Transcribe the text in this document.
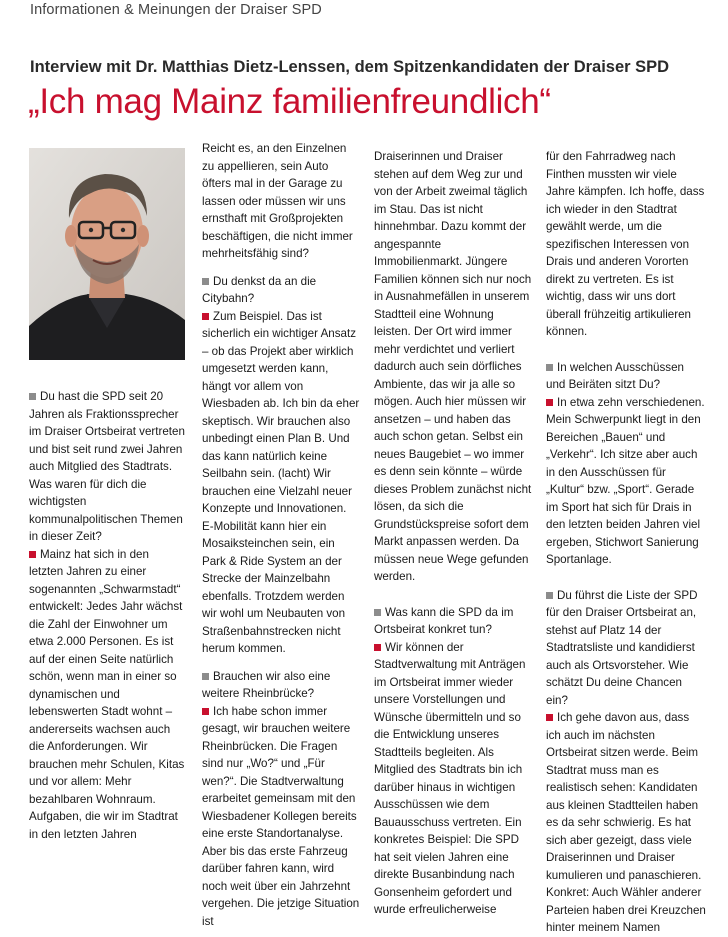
Informationen & Meinungen der Draiser SPD
Interview mit Dr. Matthias Dietz-Lenssen, dem Spitzenkandidaten der Draiser SPD
„Ich mag Mainz familienfreundlich“

Du hast die SPD seit 20 Jahren als Fraktionssprecher im Draiser Ortsbeirat vertreten und bist seit rund zwei Jahren auch Mitglied des Stadtrats. Was waren für dich die wichtigsten kommunalpolitischen Themen in dieser Zeit?

Mainz hat sich in den letzten Jahren zu einer sogenannten „Schwarmstadt“ entwickelt: Jedes Jahr wächst die Zahl der Einwohner um etwa 2.000 Personen. Es ist auf der einen Seite natürlich schön, wenn man in einer so dynamischen und lebenswerten Stadt wohnt – andererseits wachsen auch die Anforderungen. Wir brauchen mehr Schulen, Kitas und vor allem: Mehr bezahlbaren Wohnraum. Aufgaben, die wir im Stadtrat in den letzten Jahren

Reicht es, an den Einzelnen zu appellieren, sein Auto öfters mal in der Garage zu lassen oder müssen wir uns ernsthaft mit Großprojekten beschäftigen, die nicht immer mehrheitsfähig sind?

Du denkst da an die Citybahn?

Zum Beispiel. Das ist sicherlich ein wichtiger Ansatz – ob das Projekt aber wirklich umgesetzt werden kann, hängt vor allem von Wiesbaden ab. Ich bin da eher skeptisch. Wir brauchen also unbedingt einen Plan B. Und das kann natürlich keine Seilbahn sein. (lacht) Wir brauchen eine Vielzahl neuer Konzepte und Innovationen. E-Mobilität kann hier ein Mosaiksteinchen sein, ein Park & Ride System an der Strecke der Mainzelbahn ebenfalls. Trotzdem werden wir wohl um Neubauten von Straßenbahnstrecken nicht herum kommen.

Brauchen wir also eine weitere Rheinbrücke?

Ich habe schon immer gesagt, wir brauchen weitere Rheinbrücken. Die Fragen sind nur „Wo?“ und „Für wen?“. Die Stadtverwaltung erarbeitet gemeinsam mit den Wiesbadener Kollegen bereits eine erste Standortanalyse. Aber bis das erste Fahrzeug darüber fahren kann, wird noch weit über ein Jahrzehnt vergehen. Die jetzige Situation ist

Draiserinnen und Draiser stehen auf dem Weg zur und von der Arbeit zweimal täglich im Stau. Das ist nicht hinnehmbar. Dazu kommt der angespannte Immobilienmarkt. Jüngere Familien können sich nur noch in Ausnahmefällen in unserem Stadtteil eine Wohnung leisten. Der Ort wird immer mehr verdichtet und verliert dadurch auch sein dörfliches Ambiente, das wir ja alle so mögen. Auch hier müssen wir ansetzen – und haben das auch schon getan. Selbst ein neues Baugebiet – wo immer es denn sein könnte – würde dieses Problem zunächst nicht lösen, da sich die Grundstückspreise sofort dem Markt anpassen werden. Da müssen neue Wege gefunden werden.

Was kann die SPD da im Ortsbeirat konkret tun?

Wir können der Stadtverwaltung mit Anträgen im Ortsbeirat immer wieder unsere Vorstellungen und Wünsche übermitteln und so die Entwicklung unseres Stadtteils begleiten. Als Mitglied des Stadtrats bin ich darüber hinaus in wichtigen Ausschüssen wie dem Bauausschuss vertreten. Ein konkretes Beispiel: Die SPD hat seit vielen Jahren eine direkte Busanbindung nach Gonsenheim gefordert und wurde erfreulicherweise

für den Fahrradweg nach Finthen mussten wir viele Jahre kämpfen. Ich hoffe, dass ich wieder in den Stadtrat gewählt werde, um die spezifischen Interessen von Drais und anderen Vororten direkt zu vertreten. Es ist wichtig, dass wir uns dort überall frühzeitig artikulieren können.

In welchen Ausschüssen und Beiräten sitzt Du?

In etwa zehn verschiedenen. Mein Schwerpunkt liegt in den Bereichen „Bauen“ und „Verkehr“. Ich sitze aber auch in den Ausschüssen für „Kultur“ bzw. „Sport“. Gerade im Sport hat sich für Drais in den letzten beiden Jahren viel ergeben, Stichwort Sanierung Sportanlage.

Du führst die Liste der SPD für den Draiser Ortsbeirat an, stehst auf Platz 14 der Stadtratsliste und kandidierst auch als Ortsvorsteher. Wie schätzt Du deine Chancen ein?

Ich gehe davon aus, dass ich auch im nächsten Ortsbeirat sitzen werde. Beim Stadtrat muss man es realistisch sehen: Kandidaten aus kleinen Stadtteilen haben es da sehr schwierig. Es hat sich aber gezeigt, dass viele Draiserinnen und Draiser kumulieren und panaschieren. Konkret: Auch Wähler anderer Parteien haben drei Kreuzchen hinter meinem Namen
